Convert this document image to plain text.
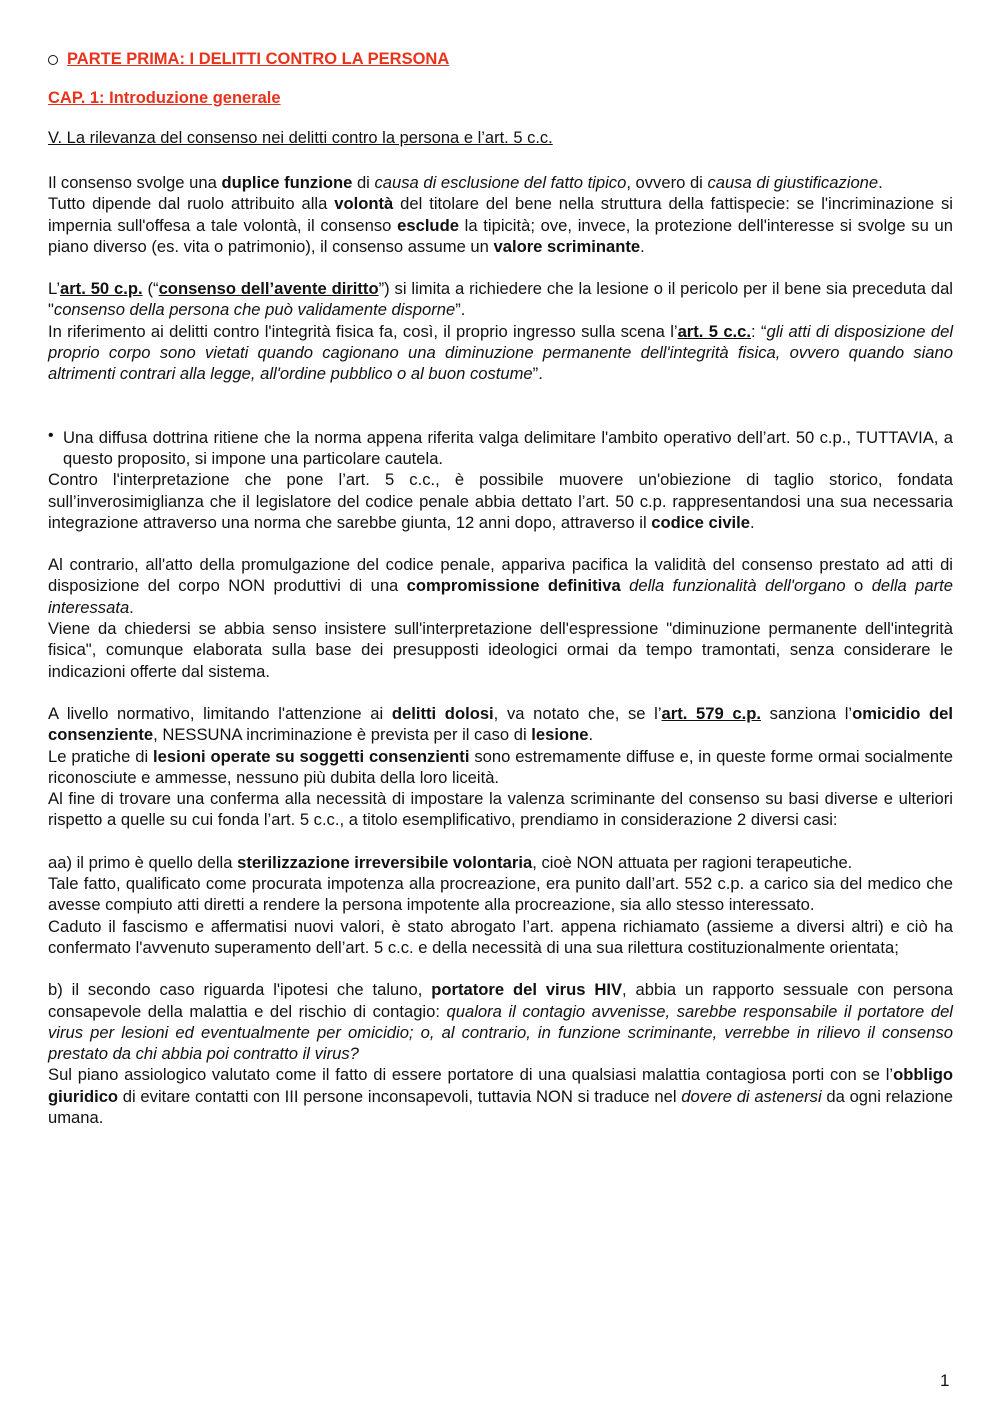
PARTE PRIMA: I DELITTI CONTRO LA PERSONA
CAP. 1: Introduzione generale
V. La rilevanza del consenso nei delitti contro la persona e l’art. 5 c.c.

Il consenso svolge una duplice funzione di causa di esclusione del fatto tipico, ovvero di causa di giustificazione.

Tutto dipende dal ruolo attribuito alla volontà del titolare del bene nella struttura della fattispecie: se l'incriminazione si impernia sull'offesa a tale volontà, il consenso esclude la tipicità; ove, invece, la protezione dell'interesse si svolge su un piano diverso (es. vita o patrimonio), il consenso assume un valore scriminante.

L’art. 50 c.p. (“consenso dell’avente diritto”) si limita a richiedere che la lesione o il pericolo per il bene sia preceduta dal "consenso della persona che può validamente disporne”.

In riferimento ai delitti contro l'integrità fisica fa, così, il proprio ingresso sulla scena l’art. 5 c.c.: “gli atti di disposizione del proprio corpo sono vietati quando cagionano una diminuzione permanente dell'integrità fisica, ovvero quando siano altrimenti contrari alla legge, all'ordine pubblico o al buon costume”.

• Una diffusa dottrina ritiene che la norma appena riferita valga delimitare l'ambito operativo dell’art. 50 c.p., TUTTAVIA, a questo proposito, si impone una particolare cautela.

Contro l'interpretazione che pone l’art. 5 c.c., è possibile muovere un'obiezione di taglio storico, fondata sull’inverosimiglianza che il legislatore del codice penale abbia dettato l’art. 50 c.p. rappresentandosi una sua necessaria integrazione attraverso una norma che sarebbe giunta, 12 anni dopo, attraverso il codice civile.

Al contrario, all'atto della promulgazione del codice penale, appariva pacifica la validità del consenso prestato ad atti di disposizione del corpo NON produttivi di una compromissione definitiva della funzionalità dell'organo o della parte interessata.

Viene da chiedersi se abbia senso insistere sull'interpretazione dell'espressione "diminuzione permanente dell'integrità fisica", comunque elaborata sulla base dei presupposti ideologici ormai da tempo tramontati, senza considerare le indicazioni offerte dal sistema.

A livello normativo, limitando l'attenzione ai delitti dolosi, va notato che, se l’art. 579 c.p. sanziona l’omicidio del consenziente, NESSUNA incriminazione è prevista per il caso di lesione.

Le pratiche di lesioni operate su soggetti consenzienti sono estremamente diffuse e, in queste forme ormai socialmente riconosciute e ammesse, nessuno più dubita della loro liceità.

Al fine di trovare una conferma alla necessità di impostare la valenza scriminante del consenso su basi diverse e ulteriori rispetto a quelle su cui fonda l’art. 5 c.c., a titolo esemplificativo, prendiamo in considerazione 2 diversi casi:

aa) il primo è quello della sterilizzazione irreversibile volontaria, cioè NON attuata per ragioni terapeutiche.

Tale fatto, qualificato come procurata impotenza alla procreazione, era punito dall’art. 552 c.p. a carico sia del medico che avesse compiuto atti diretti a rendere la persona impotente alla procreazione, sia allo stesso interessato.

Caduto il fascismo e affermatisi nuovi valori, è stato abrogato l’art. appena richiamato (assieme a diversi altri) e ciò ha confermato l'avvenuto superamento dell’art. 5 c.c. e della necessità di una sua rilettura costituzionalmente orientata;

b) il secondo caso riguarda l'ipotesi che taluno, portatore del virus HIV, abbia un rapporto sessuale con persona consapevole della malattia e del rischio di contagio: qualora il contagio avvenisse, sarebbe responsabile il portatore del virus per lesioni ed eventualmente per omicidio; o, al contrario, in funzione scriminante, verrebbe in rilievo il consenso prestato da chi abbia poi contratto il virus?

Sul piano assiologico valutato come il fatto di essere portatore di una qualsiasi malattia contagiosa porti con se l’obbligo giuridico di evitare contatti con III persone inconsapevoli, tuttavia NON si traduce nel dovere di astenersi da ogni relazione umana.

1
